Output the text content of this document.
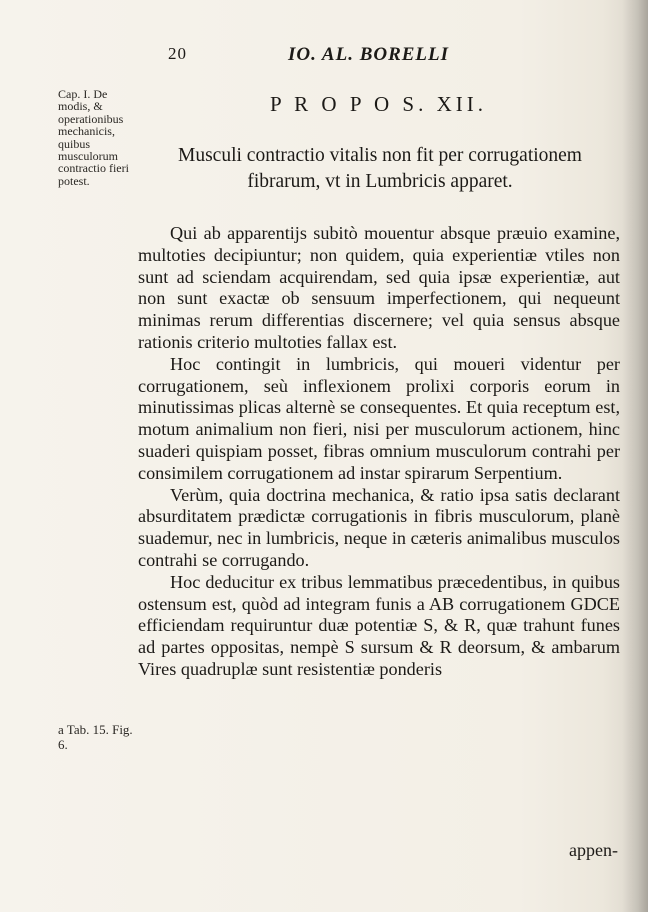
20	IO. AL. BORELLI
Cap. I. De modis, & operationibus mechanicis, quibus musculorum contractio fieri potest.
P R O P O S. XII.
Musculi contractio vitalis non fit per corrugationem fibrarum, vt in Lumbricis apparet.

Qui ab apparentijs subitò mouentur absque præuio examine, multoties decipiuntur; non quidem, quia experientiæ vtiles non sunt ad sciendam acquirendam, sed quia ipsæ experientiæ, aut non sunt exactæ ob sensuum imperfectionem, qui nequeunt minimas rerum differentias discernere; vel quia sensus absque rationis criterio multoties fallax est.

Hoc contingit in lumbricis, qui moueri videntur per corrugationem, seù inflexionem prolixi corporis eorum in minutissimas plicas alternè se consequentes. Et quia receptum est, motum animalium non fieri, nisi per musculorum actionem, hinc suaderi quispiam posset, fibras omnium musculorum contrahi per consimilem corrugationem ad instar spirarum Serpentium.

Verùm, quia doctrina mechanica, & ratio ipsa satis declarant absurditatem prædictæ corrugationis in fibris musculorum, planè suademur, nec in lumbricis, neque in cæteris animalibus musculos contrahi se corrugando.

Hoc deducitur ex tribus lemmatibus præcedentibus, in quibus ostensum est, quòd ad integram funis a AB corrugationem GDCE efficiendam requiruntur duæ potentiæ S, & R, quæ trahunt funes ad partes oppositas, nempè S sursum & R deorsum, & ambarum Vires quadruplæ sunt resistentiæ ponderis

a Tab. 15. Fig. 6.
appen-
